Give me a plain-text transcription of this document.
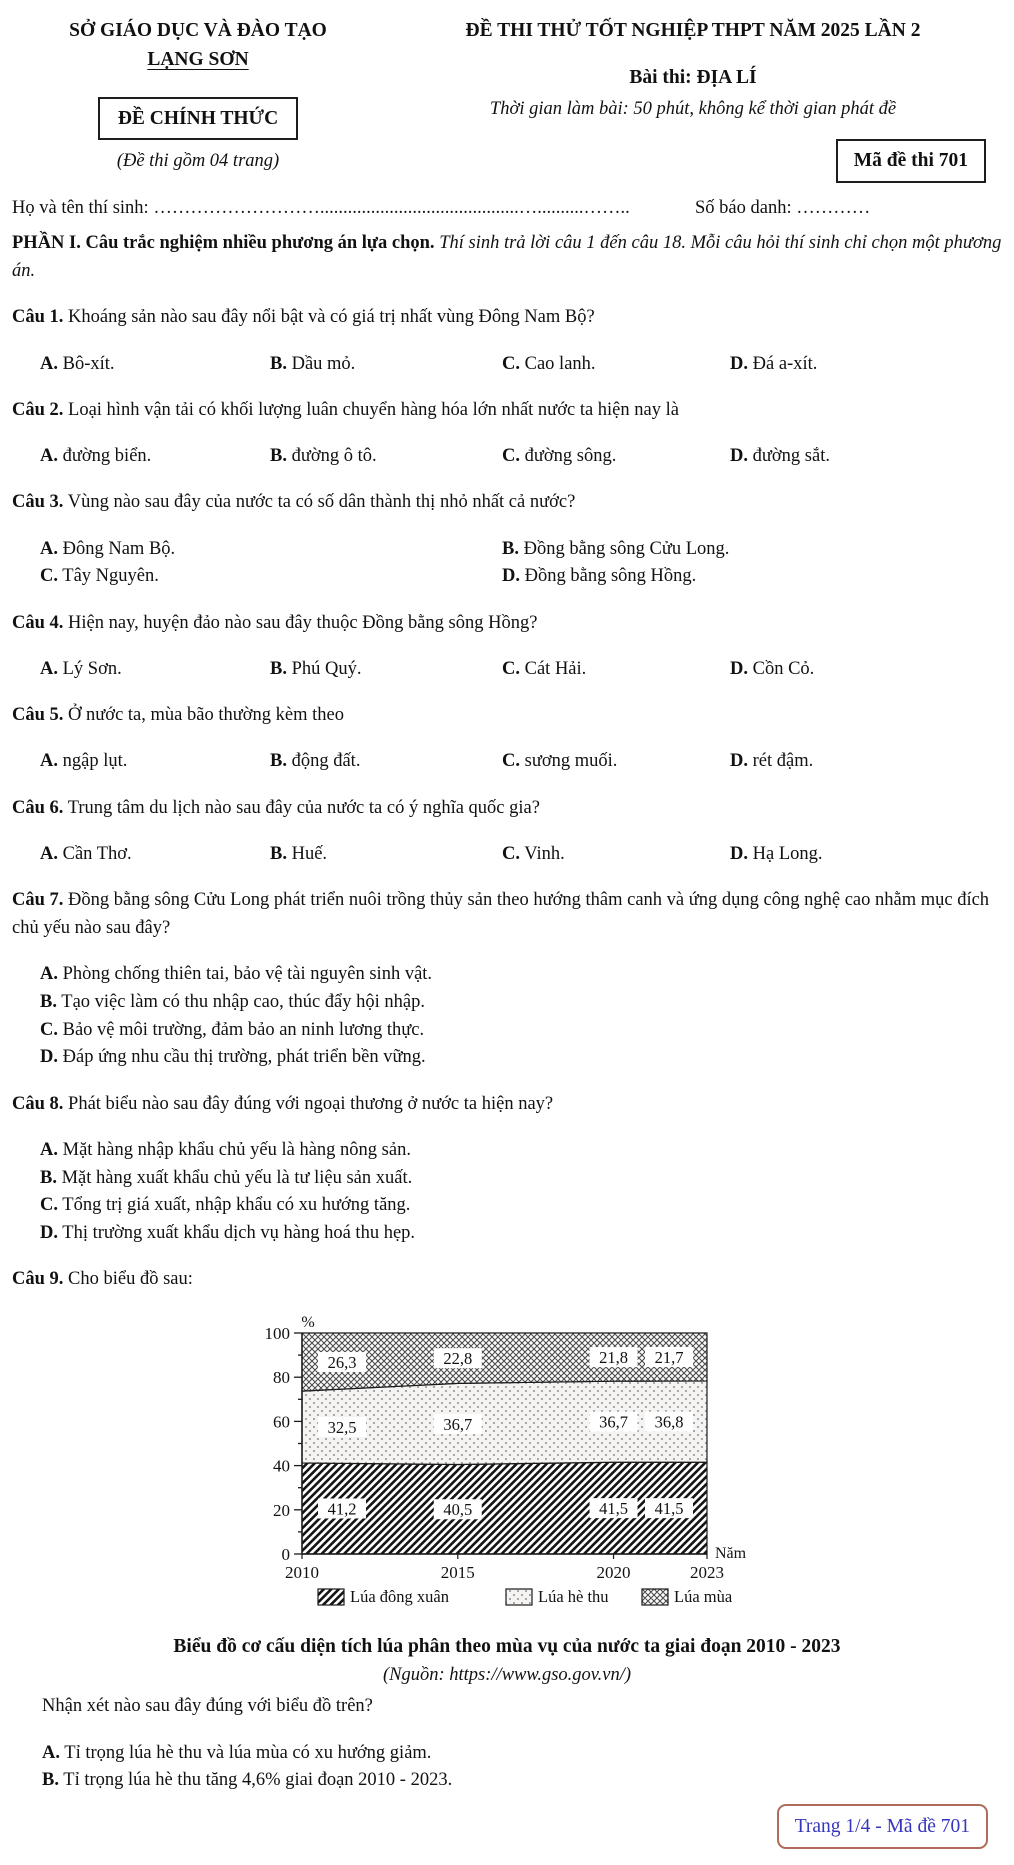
SỞ GIÁO DỤC VÀ ĐÀO TẠO
LẠNG SƠN
ĐỀ CHÍNH THỨC
(Đề thi gồm 04 trang)
ĐỀ THI THỬ TỐT NGHIỆP THPT NĂM 2025 LẦN 2
Bài thi: ĐỊA LÍ
Thời gian làm bài: 50 phút, không kể thời gian phát đề
Mã đề thi 701
Họ và tên thí sinh: ………………………...........................................…..........……..	Số báo danh: …………

PHẦN I. Câu trắc nghiệm nhiều phương án lựa chọn. Thí sinh trả lời câu 1 đến câu 18. Mỗi câu hỏi thí sinh chỉ chọn một phương án.

Câu 1. Khoáng sản nào sau đây nổi bật và có giá trị nhất vùng Đông Nam Bộ?

A. Bô-xít.	B. Dầu mỏ.	C. Cao lanh.	D. Đá a-xít.

Câu 2. Loại hình vận tải có khối lượng luân chuyển hàng hóa lớn nhất nước ta hiện nay là

A. đường biển.	B. đường ô tô.	C. đường sông.	D. đường sắt.

Câu 3. Vùng nào sau đây của nước ta có số dân thành thị nhỏ nhất cả nước?

A. Đông Nam Bộ.	B. Đồng bằng sông Cửu Long.
C. Tây Nguyên.	D. Đồng bằng sông Hồng.

Câu 4. Hiện nay, huyện đảo nào sau đây thuộc Đồng bằng sông Hồng?

A. Lý Sơn.	B. Phú Quý.	C. Cát Hải.	D. Cồn Cỏ.

Câu 5. Ở nước ta, mùa bão thường kèm theo

A. ngập lụt.	B. động đất.	C. sương muối.	D. rét đậm.

Câu 6. Trung tâm du lịch nào sau đây của nước ta có ý nghĩa quốc gia?

A. Cần Thơ.	B. Huế.	C. Vinh.	D. Hạ Long.

Câu 7. Đồng bằng sông Cửu Long phát triển nuôi trồng thủy sản theo hướng thâm canh và ứng dụng công nghệ cao nhằm mục đích chủ yếu nào sau đây?

A. Phòng chống thiên tai, bảo vệ tài nguyên sinh vật.
B. Tạo việc làm có thu nhập cao, thúc đẩy hội nhập.
C. Bảo vệ môi trường, đảm bảo an ninh lương thực.
D. Đáp ứng nhu cầu thị trường, phát triển bền vững.

Câu 8. Phát biểu nào sau đây đúng với ngoại thương ở nước ta hiện nay?

A. Mặt hàng nhập khẩu chủ yếu là hàng nông sản.
B. Mặt hàng xuất khẩu chủ yếu là tư liệu sản xuất.
C. Tổng trị giá xuất, nhập khẩu có xu hướng tăng.
D. Thị trường xuất khẩu dịch vụ hàng hoá thu hẹp.

Câu 9. Cho biểu đồ sau:

0
20
40
60
80
100
%
2010	2015	2020	2023
Năm
41,2
32,5
26,3
40,5
36,7
22,8
41,5
36,7
21,8
41,5
36,8
21,7
Lúa đông xuân	Lúa hè thu	Lúa mùa
Biểu đồ cơ cấu diện tích lúa phân theo mùa vụ của nước ta giai đoạn 2010 - 2023
(Nguồn: https://www.gso.gov.vn/)

Nhận xét nào sau đây đúng với biểu đồ trên?

A. Tỉ trọng lúa hè thu và lúa mùa có xu hướng giảm.
B. Tỉ trọng lúa hè thu tăng 4,6% giai đoạn 2010 - 2023.
Trang 1/4 - Mã đề 701
